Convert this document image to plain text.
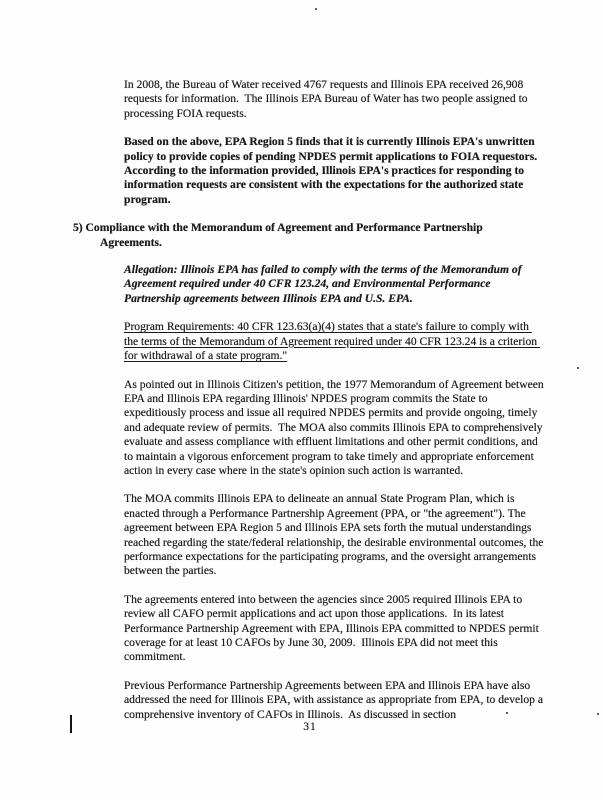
In 2008, the Bureau of Water received 4767 requests and Illinois EPA received 26,908 requests for information.  The Illinois EPA Bureau of Water has two people assigned to processing FOIA requests.

Based on the above, EPA Region 5 finds that it is currently Illinois EPA's unwritten policy to provide copies of pending NPDES permit applications to FOIA requestors.   According to the information provided, Illinois EPA's practices for responding to information requests are consistent with the expectations for the authorized state program.

5) Compliance with the Memorandum of Agreement and Performance Partnership Agreements.

Allegation: Illinois EPA has failed to comply with the terms of the Memorandum of Agreement required under 40 CFR 123.24, and Environmental Performance Partnership agreements between Illinois EPA and U.S. EPA.

Program Requirements: 40 CFR 123.63(a)(4) states that a state's failure to comply with the terms of the Memorandum of Agreement required under 40 CFR 123.24 is a criterion for withdrawal of a state program."

As pointed out in Illinois Citizen's petition, the 1977 Memorandum of Agreement between EPA and Illinois EPA regarding Illinois' NPDES program commits the State to expeditiously process and issue all required NPDES permits and provide ongoing, timely and adequate review of permits.  The MOA also commits Illinois EPA to comprehensively evaluate and assess compliance with effluent limitations and other permit conditions, and to maintain a vigorous enforcement program to take timely and appropriate enforcement action in every case where in the state's opinion such action is warranted.

The MOA commits Illinois EPA to delineate an annual State Program Plan, which is enacted through a Performance Partnership Agreement (PPA, or "the agreement"). The agreement between EPA Region 5 and Illinois EPA sets forth the mutual understandings reached regarding the state/federal relationship, the desirable environmental outcomes, the performance expectations for the participating programs, and the oversight arrangements between the parties.

The agreements entered into between the agencies since 2005 required Illinois EPA to review all CAFO permit applications and act upon those applications.  In its latest Performance Partnership Agreement with EPA, Illinois EPA committed to NPDES permit coverage for at least 10 CAFOs by June 30, 2009.  Illinois EPA did not meet this commitment.

Previous Performance Partnership Agreements between EPA and Illinois EPA have also addressed the need for Illinois EPA, with assistance as appropriate from EPA, to develop a comprehensive inventory of CAFOs in Illinois.  As discussed in section

31
